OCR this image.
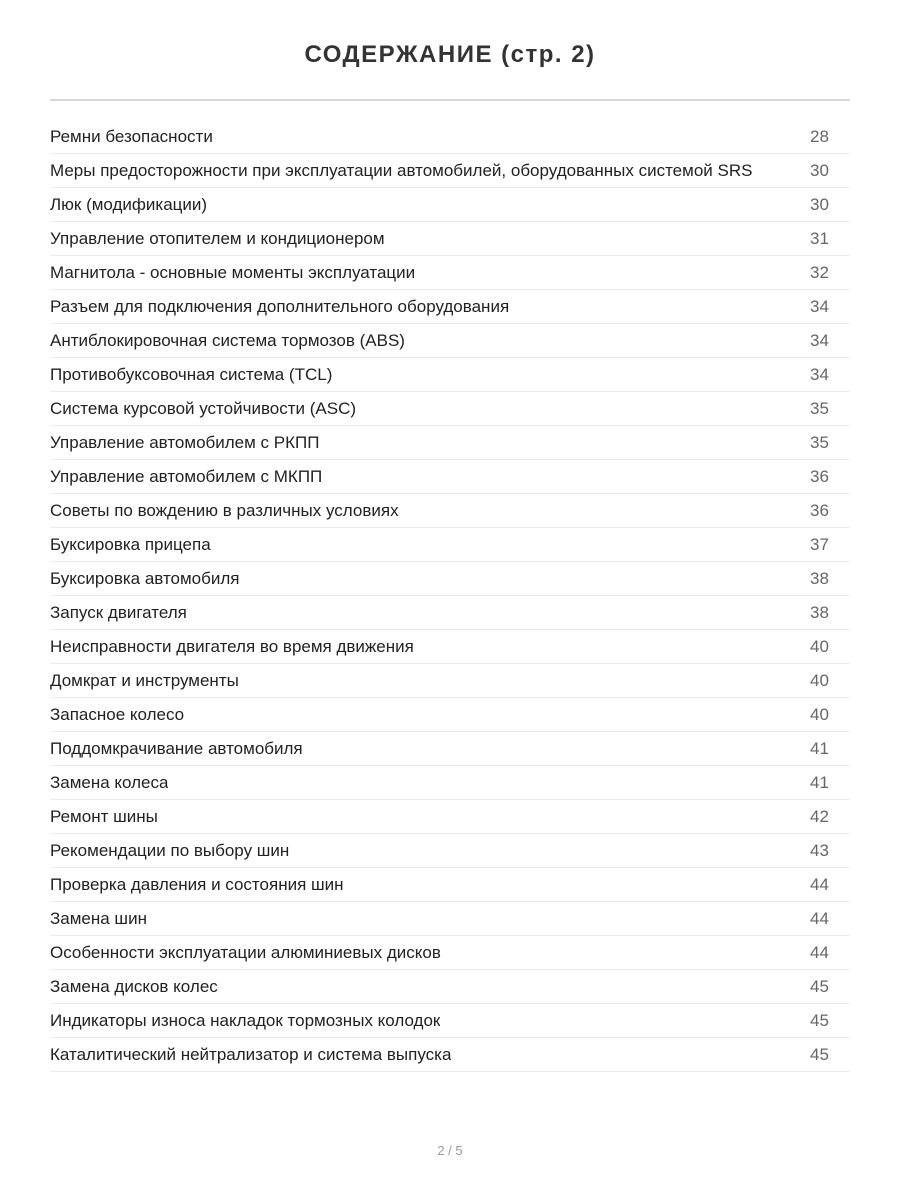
СОДЕРЖАНИЕ (стр. 2)
Ремни безопасности	28
Меры предосторожности при эксплуатации автомобилей, оборудованных системой SRS	30
Люк (модификации)	30
Управление отопителем и кондиционером	31
Магнитола - основные моменты эксплуатации	32
Разъем для подключения дополнительного оборудования	34
Антиблокировочная система тормозов (ABS)	34
Противобуксовочная система (TCL)	34
Система курсовой устойчивости (ASC)	35
Управление автомобилем с РКПП	35
Управление автомобилем с МКПП	36
Советы по вождению в различных условиях	36
Буксировка прицепа	37
Буксировка автомобиля	38
Запуск двигателя	38
Неисправности двигателя во время движения	40
Домкрат и инструменты	40
Запасное колесо	40
Поддомкрачивание автомобиля	41
Замена колеса	41
Ремонт шины	42
Рекомендации по выбору шин	43
Проверка давления и состояния шин	44
Замена шин	44
Особенности эксплуатации алюминиевых дисков	44
Замена дисков колес	45
Индикаторы износа накладок тормозных колодок	45
Каталитический нейтрализатор и система выпуска	45
2 / 5
